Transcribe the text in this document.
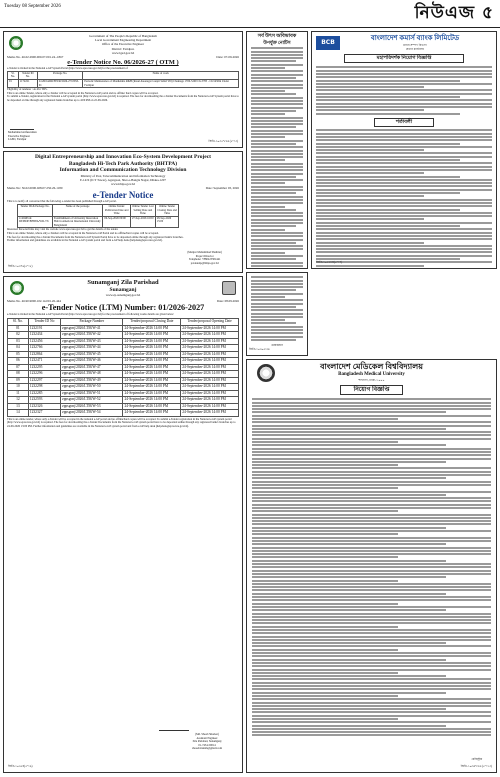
Tuesday 08 September 2026	নিউএজ ৫
Government of The People's Republic of Bangladesh
Local Government Engineering Department
Office of the Executive Engineer
District: Faridpur.
www.lged.gov.bd
Memo No. 46.02.2900.000.07.001.24.-1867	Date: 07-09-2026
e-Tender Notice No. 06/2026-27 ( OTM )
e-Tender is invited in the National e-GP System Portal (http://www.eprocure.gov.bd) for the procurement of
Sl. No.	Tender ID No.	Package No.	Name of work
01	1172221	LGED/ADR/FPUR/2026-27/OTM-01	Periodic Maintenance of Manikdaha R&H (Rasul-Kaonagar Lanpit Sahid Vill) Chainage 1700-5200 Ch-3785 - Ch.5450m Under Faridpur
Eligibility of tenderer : As Per TDS.
This is an online Tender, where only e-Tender will be accepted in the National e-GP portal and no offline/ hard copies will be accepted.
To submit e-Tender, registration in the National e-GP system portal (http://www.eprocure.gov.bd) is required. The fees for downloading the e-Tender Documents from the National e-GP System portal have to be deposited on line through any registered banks branches up to 4:00 PM on 22-09-2026.
Mohammad Arifuzzaman
Executive Engineer
LGED, Faridpur
জিডি-১০৩৫৭/২৬ (৫"×৩)
Digital Entrepreneurship and Innovation Eco-System Development Project
Bangladesh Hi-Tech Park Authority (BHTPA)
Information and Communication Technology Division
Ministry of Post, Telecommunication and Information Technology
E-14/X (ICT Tower), Agargaon, Sher-e-Bangla Nagar, Dhaka-1207
www.bhtpa.gov.bd
Memo No: 56.02.0000.028.07.250.26-1180	Date: September 03, 2026
e-Tender Notice
This is to notify all concerned that the following e-tender has been published through e-GP portal.
Tender ID & Package No.	Name of the package	Online Tender Publication Date and Time	Online Tender Last Selling Date and Time	Online Tender Closing Date and Time
1120465 & DEIEDP/BHTPA/WD-7/6	Establishment of University Innovation Hub in American International University Bangladesh	06-Sep-2026 09:00	27-Sep-2026 16:00	28-Sep-2026 15:00
Interested Persons/firms may visit the website www.eprocure.gov.bd to get the details of the tender.
This is an online Tender, where only e-Tenders will be accepted in the National e-GP Portal and no offline/hard copies will be accepted.
The fees for downloading the e-Tender Documents from the National e-GP System Portal have to be deposited online through any registered bank's branches.
Further information and guidelines are available in the National e-GP system portal and from e-GP help desk (helpdesk@eprocure.gov.bd).
(Monjur Mohammad Shahriar)
Project Director
Telephone: +880223381441
pd.deiedp@bhtpa.gov.bd
জিডি-১০৩৭৯(৫"×৫)
Sunamganj Zila Parishad
Sunamganj
www.zp.sunamganj.gov.bd
Memo No. 46.90.9000.102.14.001.26-444	Date: 08.09.2026
e-Tender Notice (LTM) Number: 01/2026-2027
e-Tender is invited in the National e-GP System Portal (http://www.eprocure.gov.bd) for the procurement of following works details are given below:
Sl. No.	Tender ID No	Package Number	Tender/proposal Closing Date	Tender/proposal Opening Date
01	1232191	zppsgonj/2026/LTM/W-41	24-September-2026 14:00 PM	24-September-2026 14:00 PM
02	1232434	zppsgonj/2026/LTM/W-42	24-September-2026 14:00 PM	24-September-2026 14:00 PM
03	1232456	zppsgonj/2026/LTM/W-43	24-September-2026 14:00 PM	24-September-2026 14:00 PM
04	1232766	zppsgonj/2026/LTM/W-44	24-September-2026 14:00 PM	24-September-2026 14:00 PM
05	1232864	zppsgonj/2026/LTM/W-45	24-September-2026 14:00 PM	24-September-2026 14:00 PM
06	1232471	zppsgonj/2026/LTM/W-46	24-September-2026 14:00 PM	24-September-2026 14:00 PM
07	1232295	zppsgonj/2026/LTM/W-47	24-September-2026 14:00 PM	24-September-2026 14:00 PM
08	1232296	zppsgonj/2026/LTM/W-48	24-September-2026 14:00 PM	24-September-2026 14:00 PM
09	1232297	zppsgonj/2026/LTM/W-49	24-September-2026 14:00 PM	24-September-2026 14:00 PM
10	1232298	zppsgonj/2026/LTM/W-50	24-September-2026 14:00 PM	24-September-2026 14:00 PM
11	1232285	zppsgonj/2026/LTM/W-51	24-September-2026 14:00 PM	24-September-2026 14:00 PM
12	1232593	zppsgonj/2026/LTM/W-52	24-September-2026 14:00 PM	24-September-2026 14:00 PM
13	1232326	zppsgonj/2026/LTM/W-53	24-September-2026 14:00 PM	24-September-2026 14:00 PM
14	1232327	zppsgonj/2026/LTM/W-54	24-September-2026 14:00 PM	24-September-2026 14:00 PM
This is an online tender, where only e-Tender will be accepted in the national e-GP portal and no offline/hard copies will be accepted. To submit e-Tender registration in the National e-GP system portal (http://www.eprocure.gov.bd) is required. The fees for downloading the e-Tender Documents from the National e-GP system portal have to be deposited online through any registered bank's branches up to 24-09-2026 13:00 PM. Further information and guidelines are available in the National e-GP system portal and from e-GP help desk (helpdesk@eprocure.gov.bd).
(Md. Shoeb Shorker)
Assistant Engineer
Zila Parishad, Sunamganj
01-7454-50014
shoeeb.hakim@gmail.com
জিডি-১০৩৫৪(৫"×৯)
সর্ব উৎস অবিভাবক
উপর্যুক্ত নোটিস	BCB
বাংলাদেশ কমার্স ব্যাংক লিমিটেড
মানব সম্পদ বিভাগ
প্রধান কার্যালয়
মহাপরিদর্শক নিয়োগ বিজ্ঞপ্তি
শর্তাবলী
জিডি-১০২১৮৪(৫"×৭)
চেয়ারম্যান
জিডি-১০৩০৫/২৬
বাংলাদেশ মেডিকেল বিশ্ববিদ্যালয়
Bangladesh Medical University
শাহবাগ, ঢাকা-১০০০
নিয়োগ বিজ্ঞপ্তি
রেজিস্ট্রার
জিডি-১০৩৬৭/২৬ (৫"×১৩)
